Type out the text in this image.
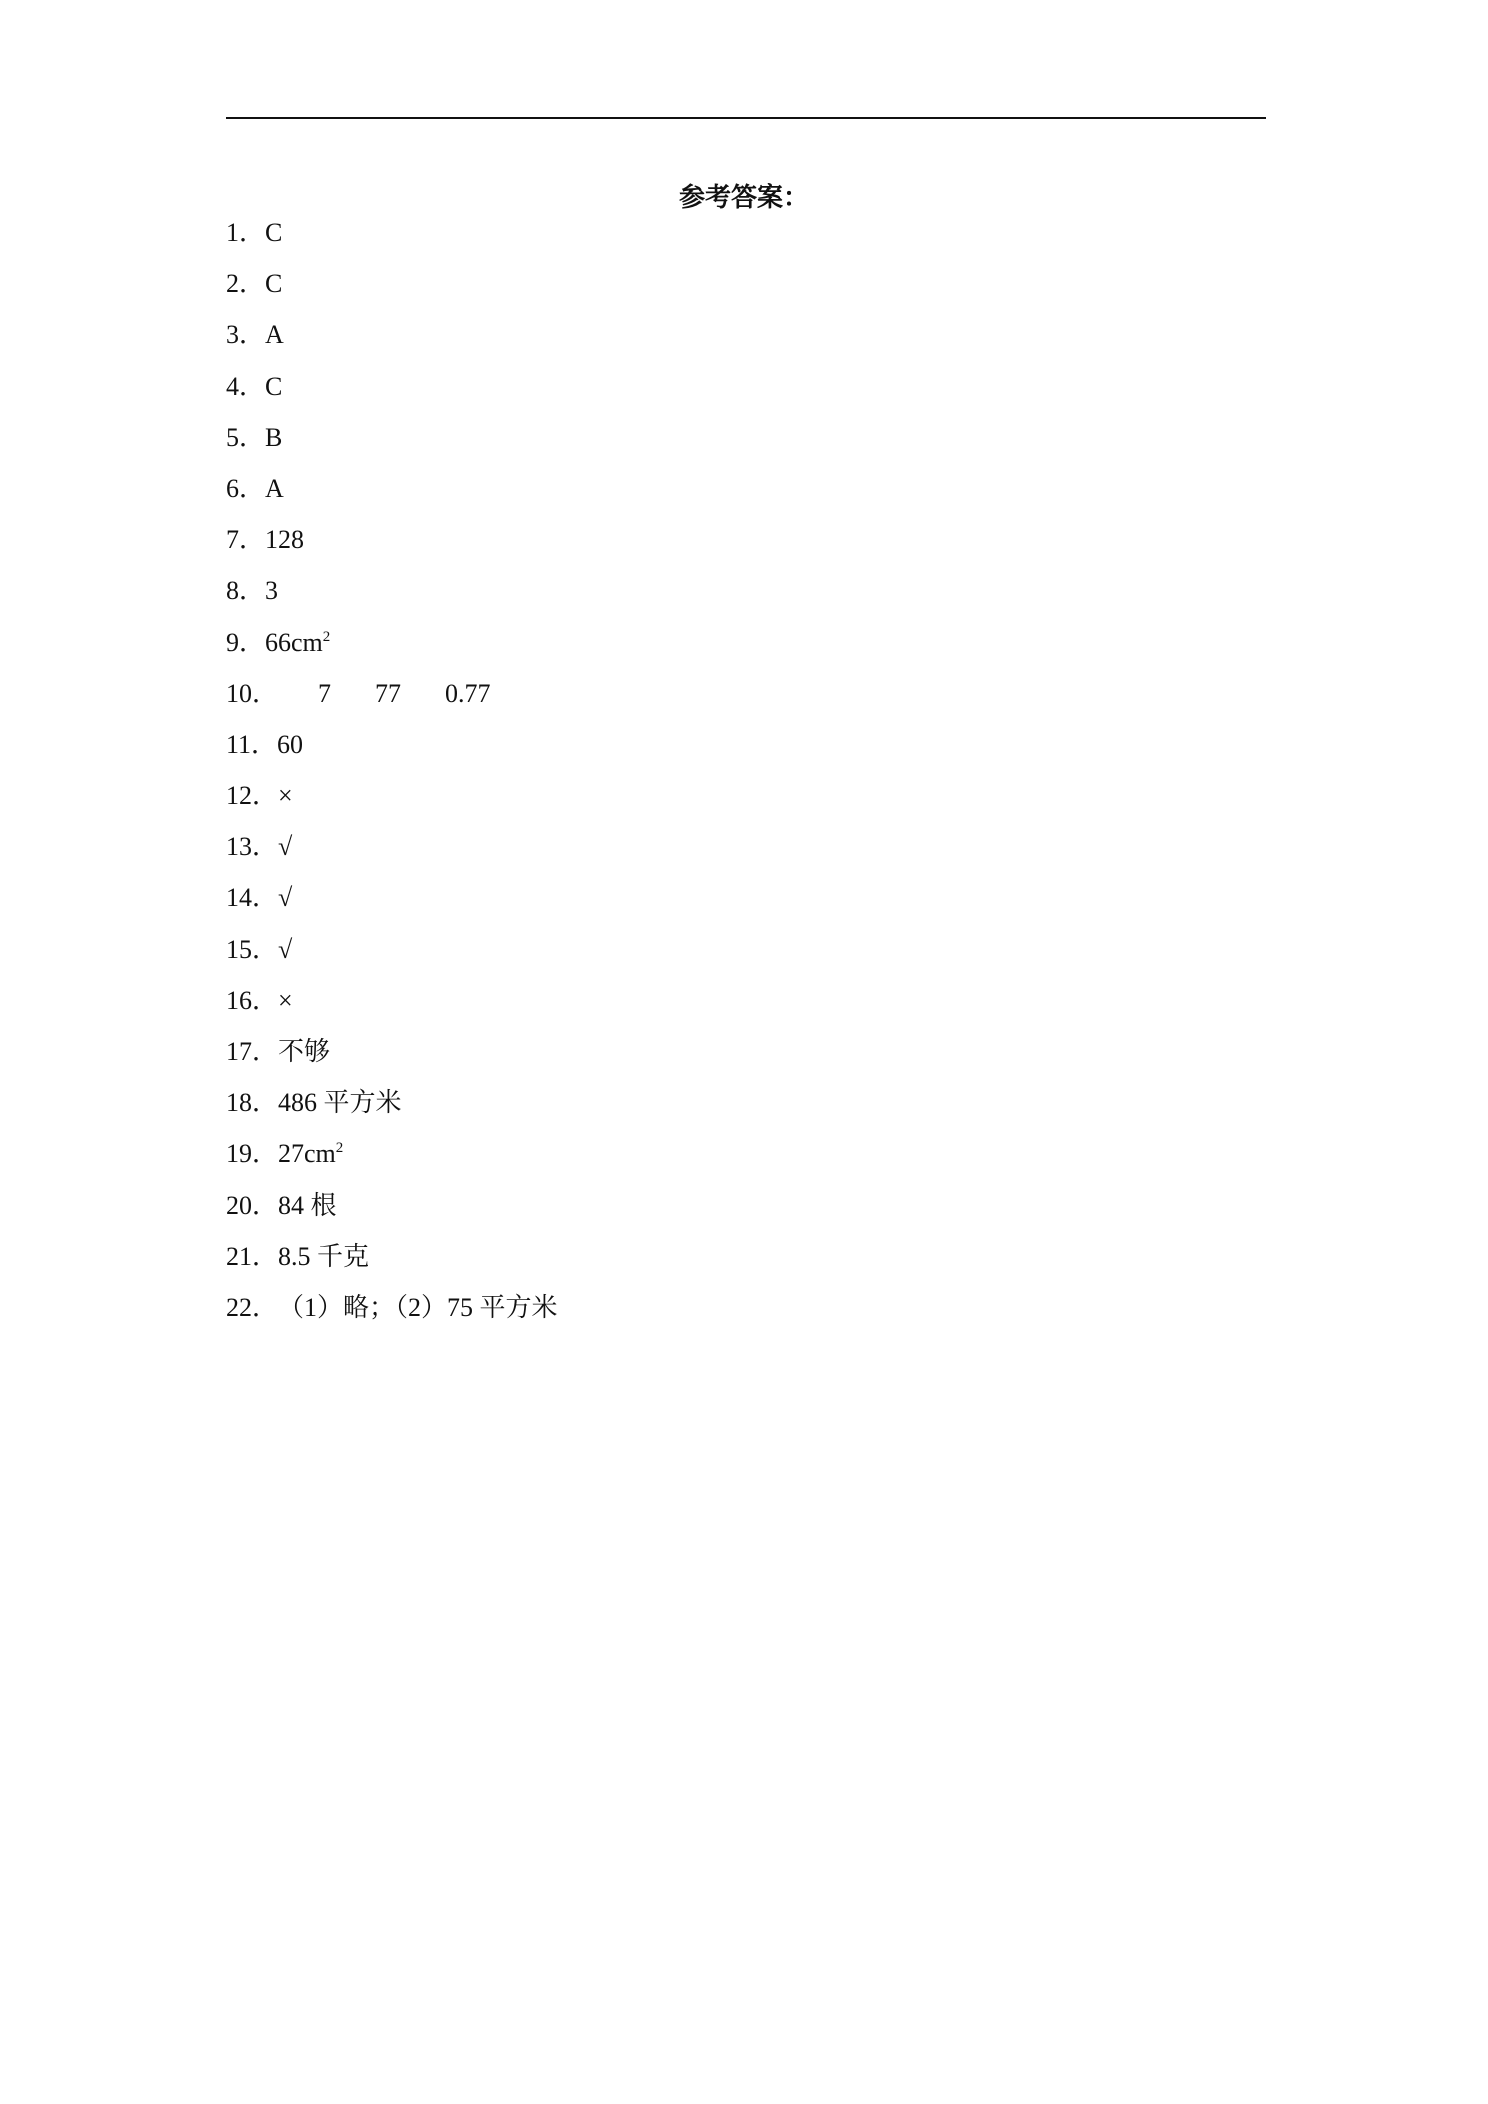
参考答案：
1．C
2．C
3．A
4．C
5．B
6．A
7．128
8．3
9．$66cm^2$
10． 7 77 0.77
11．60
12．×
13．√
14．√
15．√
16．×
17．不够
18．486 平方米
19．$27cm^2$
20．84 根
21．8.5 千克
22．（1）略；（2）75 平方米
